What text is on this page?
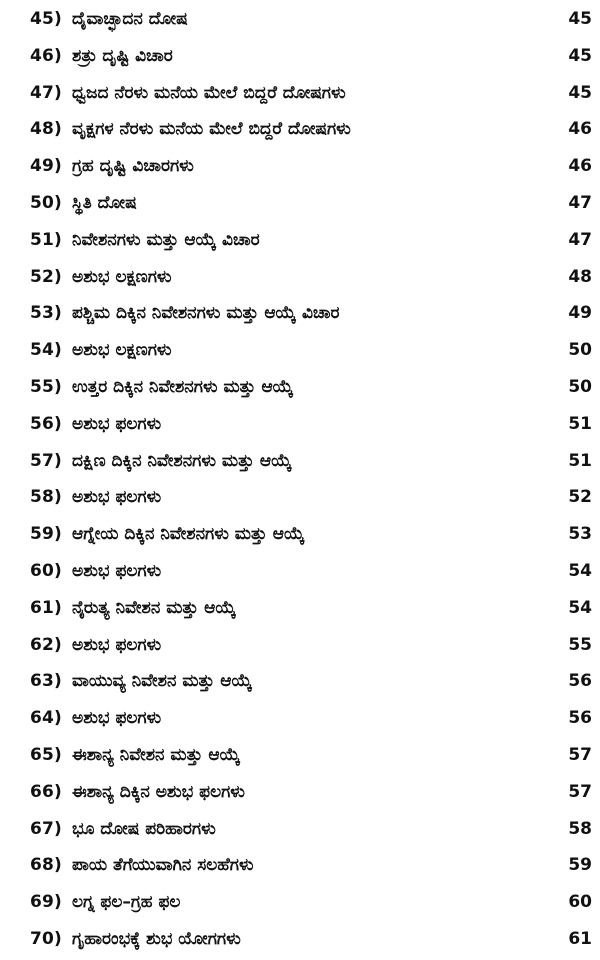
45) ದೈವಾಚ್ಛಾದನ ದೋಷ	45
46) ಶತ್ರು ದೃಷ್ಟಿ ವಿಚಾರ	45
47) ಧ್ವಜದ ನೆರಳು ಮನೆಯ ಮೇಲೆ ಬಿದ್ದರೆ ದೋಷಗಳು	45
48) ವೃಕ್ಷಗಳ ನೆರಳು ಮನೆಯ ಮೇಲೆ ಬಿದ್ದರೆ ದೋಷಗಳು	46
49) ಗ್ರಹ ದೃಷ್ಟಿ ವಿಚಾರಗಳು	46
50) ಸ್ಥಿತಿ ದೋಷ	47
51) ನಿವೇಶನಗಳು ಮತ್ತು ಆಯ್ಕೆ ವಿಚಾರ	47
52) ಅಶುಭ ಲಕ್ಷಣಗಳು	48
53) ಪಶ್ಚಿಮ ದಿಕ್ಕಿನ ನಿವೇಶನಗಳು ಮತ್ತು ಆಯ್ಕೆ ವಿಚಾರ	49
54) ಅಶುಭ ಲಕ್ಷಣಗಳು	50
55) ಉತ್ತರ ದಿಕ್ಕಿನ ನಿವೇಶನಗಳು ಮತ್ತು ಆಯ್ಕೆ	50
56) ಅಶುಭ ಫಲಗಳು	51
57) ದಕ್ಷಿಣ ದಿಕ್ಕಿನ ನಿವೇಶನಗಳು ಮತ್ತು ಆಯ್ಕೆ	51
58) ಅಶುಭ ಫಲಗಳು	52
59) ಆಗ್ನೇಯ ದಿಕ್ಕಿನ ನಿವೇಶನಗಳು ಮತ್ತು ಆಯ್ಕೆ	53
60) ಅಶುಭ ಫಲಗಳು	54
61) ನೈರುತ್ಯ ನಿವೇಶನ ಮತ್ತು ಆಯ್ಕೆ	54
62) ಅಶುಭ ಫಲಗಳು	55
63) ವಾಯುವ್ಯ ನಿವೇಶನ ಮತ್ತು ಆಯ್ಕೆ	56
64) ಅಶುಭ ಫಲಗಳು	56
65) ಈಶಾನ್ಯ ನಿವೇಶನ ಮತ್ತು ಆಯ್ಕೆ	57
66) ಈಶಾನ್ಯ ದಿಕ್ಕಿನ ಅಶುಭ ಫಲಗಳು	57
67) ಭೂ ದೋಷ ಪರಿಹಾರಗಳು	58
68) ಪಾಯ ತೆಗೆಯುವಾಗಿನ ಸಲಹೆಗಳು	59
69) ಲಗ್ನ ಫಲ–ಗ್ರಹ ಫಲ	60
70) ಗೃಹಾರಂಭಕ್ಕೆ ಶುಭ ಯೋಗಗಳು	61
